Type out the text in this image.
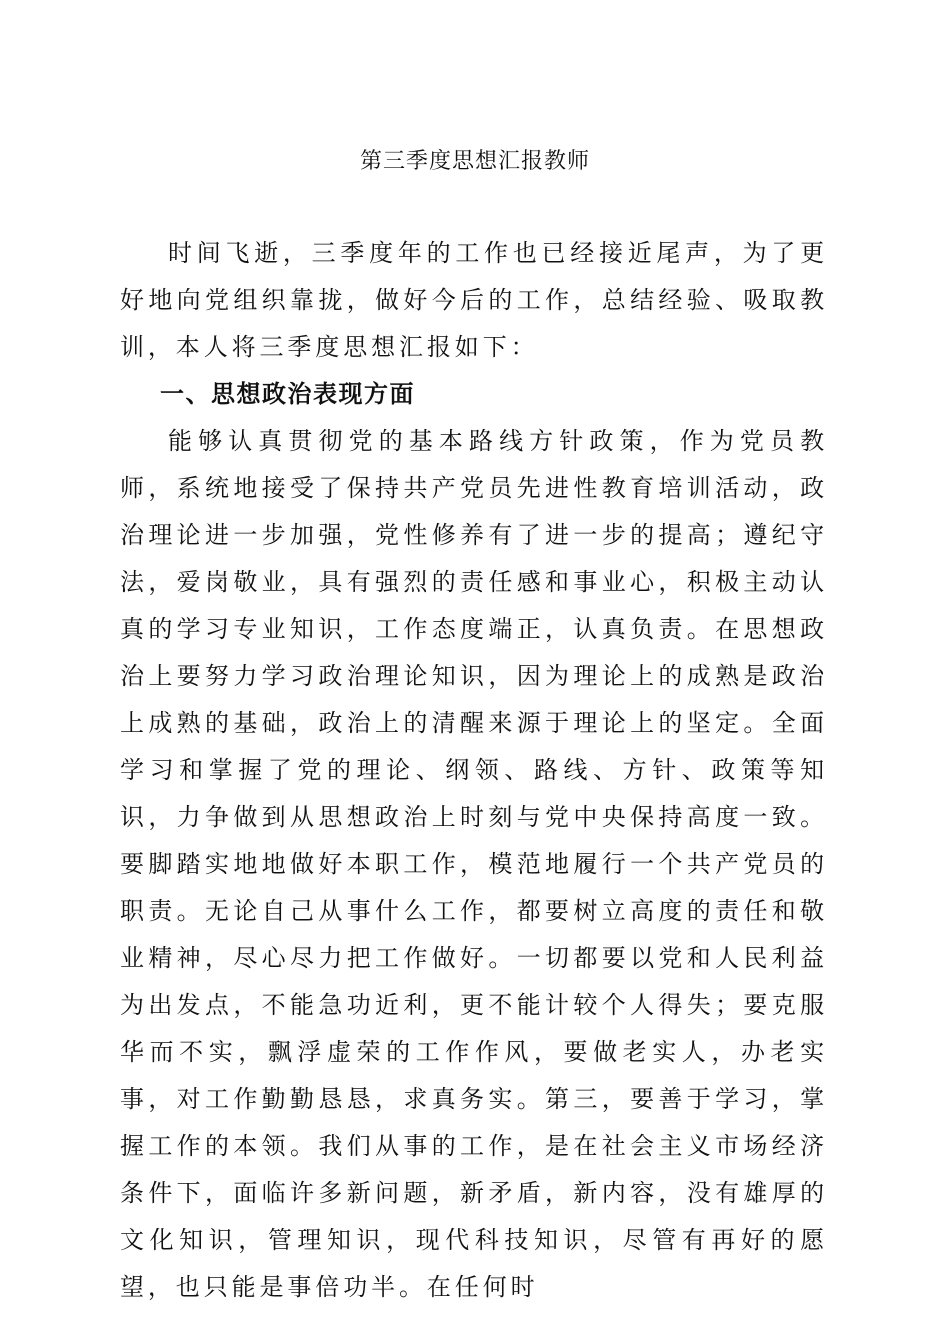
第三季度思想汇报教师

时间飞逝，三季度年的工作也已经接近尾声，为了更好地向党组织靠拢，做好今后的工作，总结经验、吸取教训，本人将三季度思想汇报如下：

一、思想政治表现方面

能够认真贯彻党的基本路线方针政策，作为党员教师，系统地接受了保持共产党员先进性教育培训活动，政治理论进一步加强，党性修养有了进一步的提高；遵纪守法，爱岗敬业，具有强烈的责任感和事业心，积极主动认真的学习专业知识，工作态度端正，认真负责。在思想政治上要努力学习政治理论知识，因为理论上的成熟是政治上成熟的基础，政治上的清醒来源于理论上的坚定。全面学习和掌握了党的理论、纲领、路线、方针、政策等知识，力争做到从思想政治上时刻与党中央保持高度一致。要脚踏实地地做好本职工作，模范地履行一个共产党员的职责。无论自己从事什么工作，都要树立高度的责任和敬业精神，尽心尽力把工作做好。一切都要以党和人民利益为出发点，不能急功近利，更不能计较个人得失；要克服华而不实，飘浮虚荣的工作作风，要做老实人，办老实事，对工作勤勤恳恳，求真务实。第三，要善于学习，掌握工作的本领。我们从事的工作，是在社会主义市场经济条件下，面临许多新问题，新矛盾，新内容，没有雄厚的文化知识，管理知识，现代科技知识，尽管有再好的愿望，也只能是事倍功半。在任何时
